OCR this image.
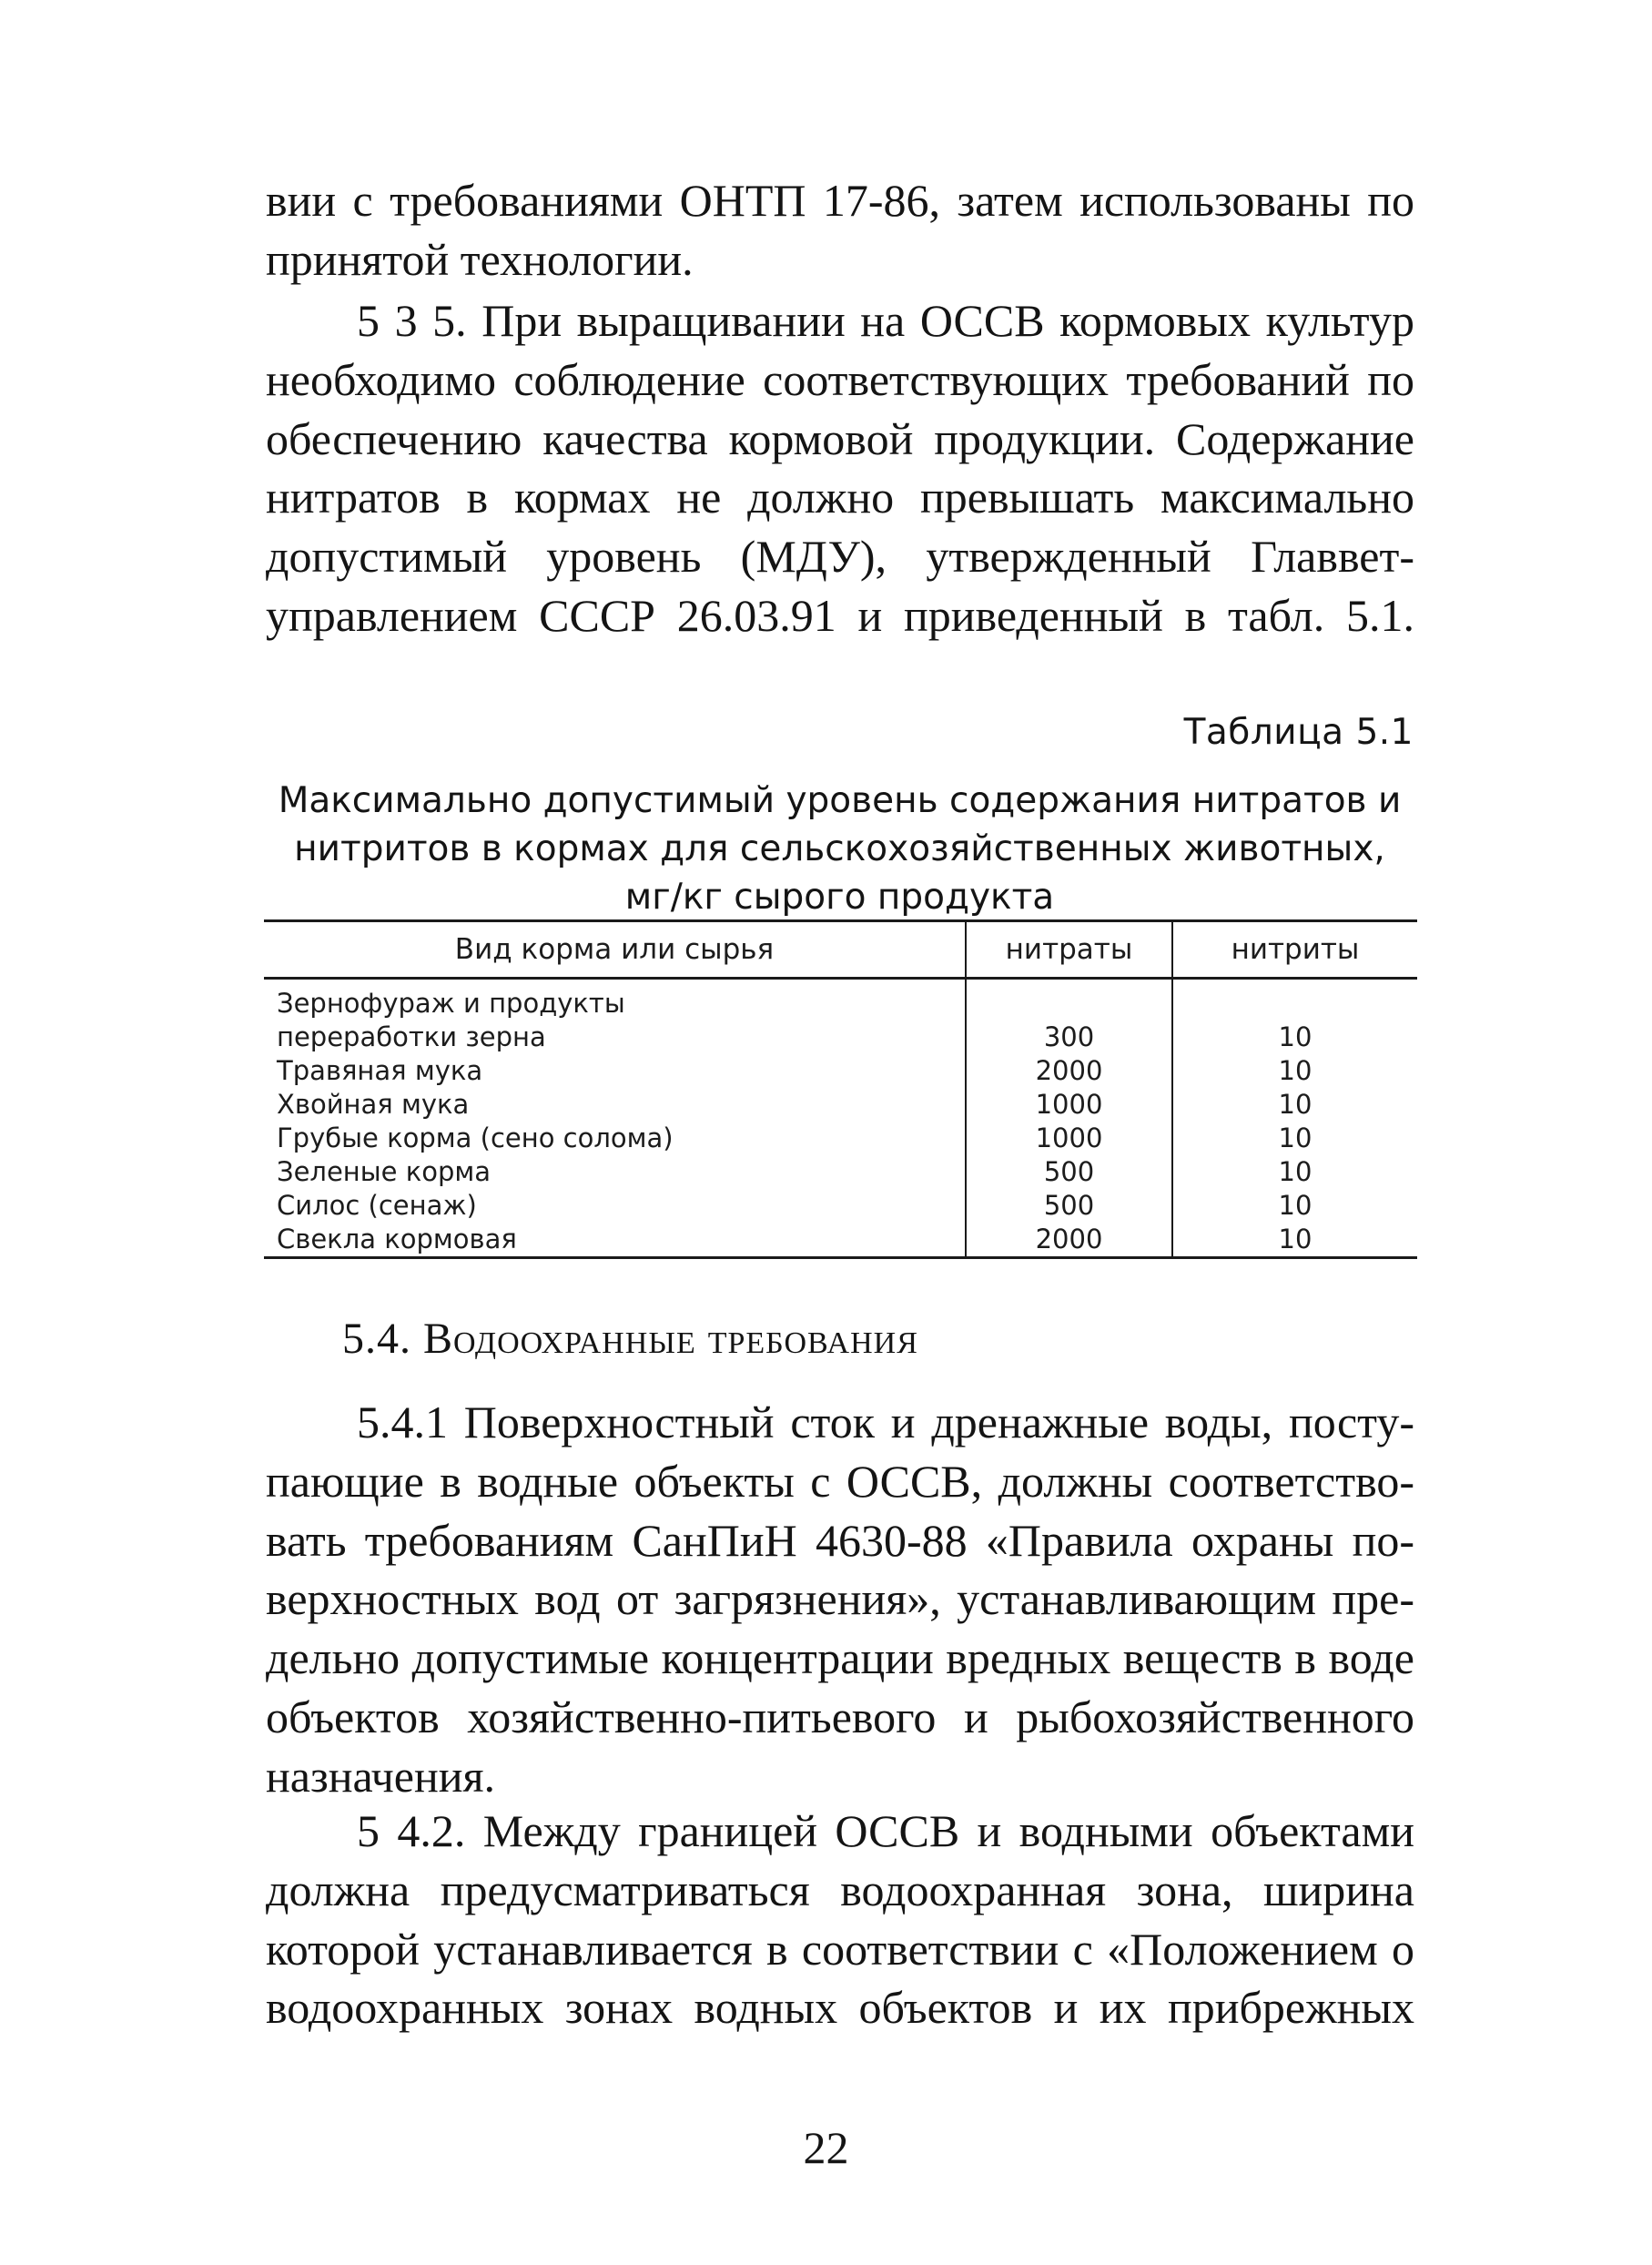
вии с требованиями ОНТП 17-86, затем использованы по
принятой технологии.

5 3 5. При выращивании на ОССВ кормовых культур
необходимо соблюдение соответствующих требований по
обеспечению качества кормовой продукции. Содержание
нитратов в кормах не должно превышать максимально
допустимый уровень (МДУ), утвержденный Главвет-
управлением СССР 26.03.91 и приведенный в табл. 5.1.

Таблица 5.1

Максимально допустимый уровень содержания нитратов и
нитритов в кормах для сельскохозяйственных животных,
мг/кг сырого продукта

Вид корма или сырья	нитраты	нитриты

Зернофураж и продукты
переработки зерна	300	10
Травяная мука	2000	10
Хвойная мука	1000	10
Грубые корма (сено солома)	1000	10
Зеленые корма	500	10
Силос (сенаж)	500	10
Свекла кормовая	2000	10
5.4. Водоохранные требования

5.4.1 Поверхностный сток и дренажные воды, посту-
пающие в водные объекты с ОССВ, должны соответство-
вать требованиям СанПиН 4630-88 «Правила охраны по-
верхностных вод от загрязнения», устанавливающим пре-
дельно допустимые концентрации вредных веществ в воде
объектов хозяйственно-питьевого и рыбохозяйственного
назначения.

5 4.2. Между границей ОССВ и водными объектами
должна предусматриваться водоохранная зона, ширина
которой устанавливается в соответствии с «Положением о
водоохранных зонах водных объектов и их прибрежных

22
